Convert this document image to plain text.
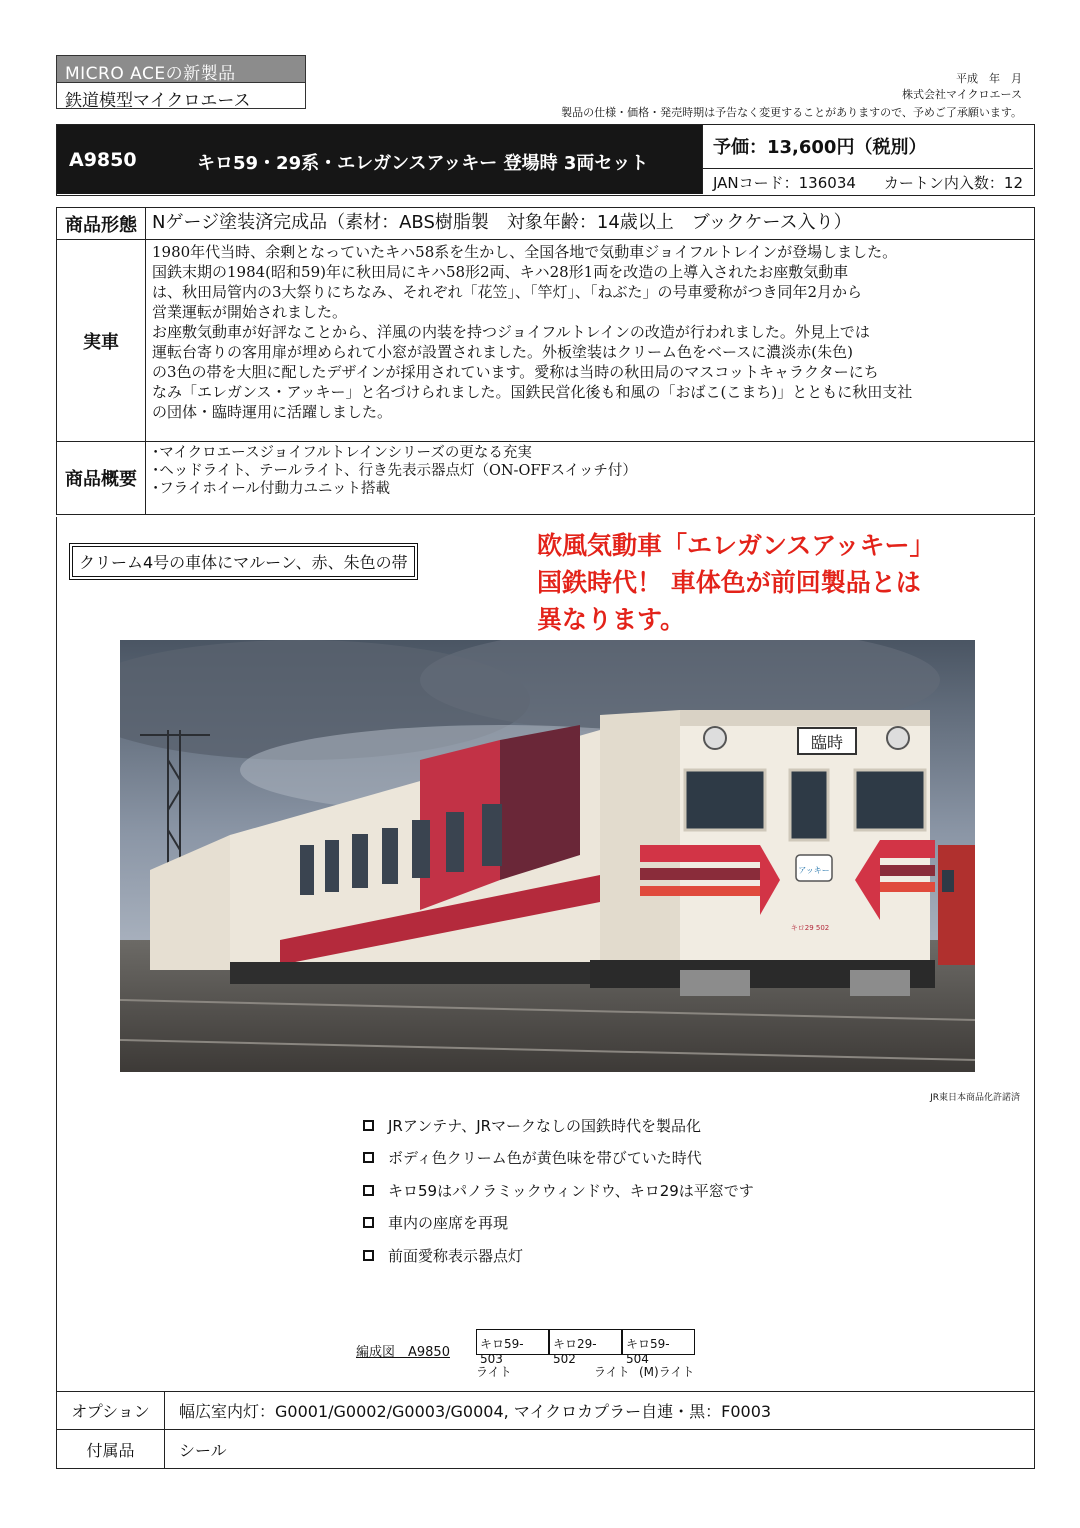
MICRO ACEの新製品
鉄道模型マイクロエース
平成　年　月
株式会社マイクロエース
製品の仕様・価格・発売時期は予告なく変更することがありますので、予めご了承願います。
A9850	キロ59・29系・エレガンスアッキー 登場時 3両セット
予価：13,600円（税別）
JANコード：136034 カートン内入数：12
商品形態 Nゲージ塗装済完成品（素材：ABS樹脂製　対象年齢：14歳以上　ブックケース入り）
実車
1980年代当時、余剰となっていたキハ58系を生かし、全国各地で気動車ジョイフルトレインが登場しました。
国鉄末期の1984(昭和59)年に秋田局にキハ58形2両、キハ28形1両を改造の上導入されたお座敷気動車
は、秋田局管内の3大祭りにちなみ、それぞれ「花笠」、「竿灯」、「ねぶた」の号車愛称がつき同年2月から
営業運転が開始されました。
お座敷気動車が好評なことから、洋風の内装を持つジョイフルトレインの改造が行われました。外見上では
運転台寄りの客用扉が埋められて小窓が設置されました。外板塗装はクリーム色をベースに濃淡赤(朱色)
の3色の帯を大胆に配したデザインが採用されています。愛称は当時の秋田局のマスコットキャラクターにち
なみ「エレガンス・アッキー」と名づけられました。国鉄民営化後も和風の「おばこ(こまち)」とともに秋田支社
の団体・臨時運用に活躍しました。
商品概要
･マイクロエースジョイフルトレインシリーズの更なる充実
･ヘッドライト、テールライト、行き先表示器点灯（ON-OFFスイッチ付）
･フライホイール付動力ユニット搭載
クリーム4号の車体にマルーン、赤、朱色の帯
欧風気動車「エレガンスアッキー」
国鉄時代！ 車体色が前回製品とは
異なります。
臨時
アッキー
キロ29 502
JR東日本商品化許諾済
JRアンテナ、JRマークなしの国鉄時代を製品化
ボディ色クリーム色が黄色味を帯びていた時代
キロ59はパノラミックウィンドウ、キロ29は平窓です
車内の座席を再現
前面愛称表示器点灯
編成図　A9850
キロ59-503
キロ29-502
キロ59-504
ライト	ライト (M)ライト
オプション	幅広室内灯：G0001/G0002/G0003/G0004, マイクロカプラー自連・黒：F0003
付属品	シール
